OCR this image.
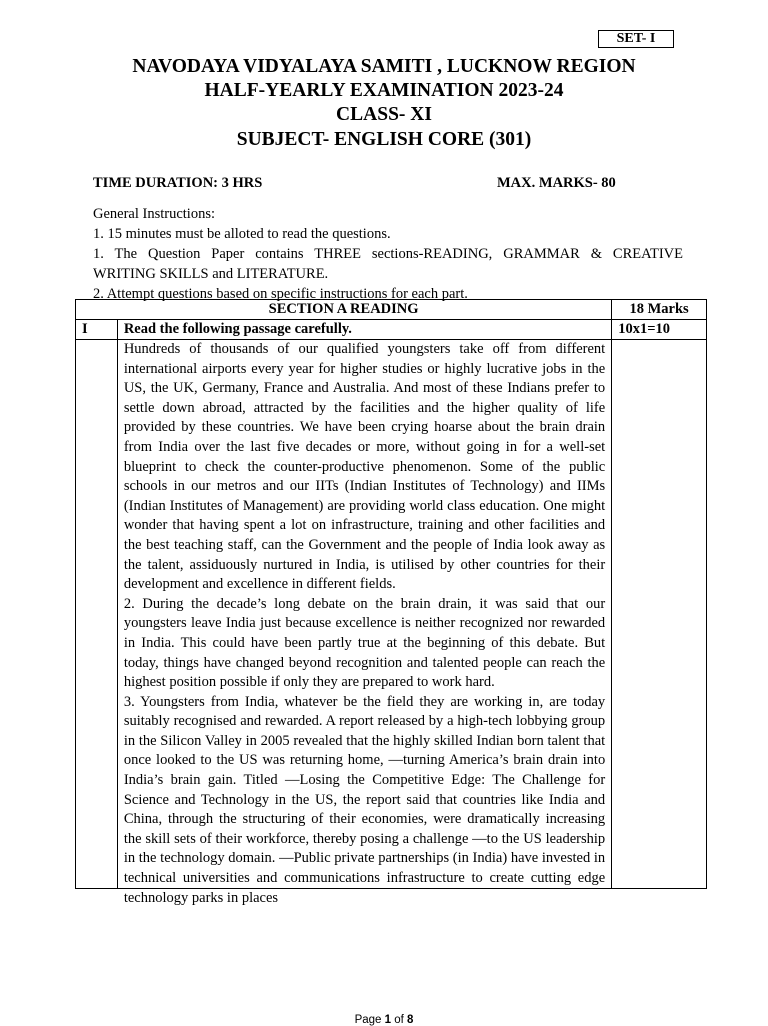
SET- I
NAVODAYA VIDYALAYA SAMITI , LUCKNOW REGION
HALF-YEARLY EXAMINATION 2023-24
CLASS- XI
SUBJECT- ENGLISH CORE (301)
TIME DURATION: 3 HRS	MAX. MARKS- 80
General Instructions:
1. 15 minutes must be alloted to read the questions.
1. The Question Paper contains THREE sections-READING, GRAMMAR & CREATIVE WRITING SKILLS and LITERATURE.
2. Attempt questions based on specific instructions for each part.
SECTION A READING		18 Marks
I	Read the following passage carefully.	10x1=10

	Hundreds of thousands of our qualified youngsters take off from different international airports every year for higher studies or highly lucrative jobs in the US, the UK, Germany, France and Australia. And most of these Indians prefer to settle down abroad, attracted by the facilities and the higher quality of life provided by these countries. We have been crying hoarse about the brain drain from India over the last five decades or more, without going in for a well-set blueprint to check the counter-productive phenomenon. Some of the public schools in our metros and our IITs (Indian Institutes of Technology) and IIMs (Indian Institutes of Management) are providing world class education. One might wonder that having spent a lot on infrastructure, training and other facilities and the best teaching staff, can the Government and the people of India look away as the talent, assiduously nurtured in India, is utilised by other countries for their development and excellence in different fields.

2. During the decade’s long debate on the brain drain, it was said that our youngsters leave India just because excellence is neither recognized nor rewarded in India. This could have been partly true at the beginning of this debate. But today, things have changed beyond recognition and talented people can reach the highest position possible if only they are prepared to work hard.

3. Youngsters from India, whatever be the field they are working in, are today suitably recognised and rewarded. A report released by a high-tech lobbying group in the Silicon Valley in 2005 revealed that the highly skilled Indian born talent that once looked to the US was returning home, ―turning America’s brain drain into India’s brain gain. Titled ―Losing the Competitive Edge: The Challenge for Science and Technology in the US, the report said that countries like India and China, through the structuring of their economies, were dramatically increasing the skill sets of their workforce, thereby posing a challenge ―to the US leadership in the technology domain. ―Public private partnerships (in India) have invested in technical universities and communications infrastructure to create cutting edge technology parks in places	

Page 1 of 8
